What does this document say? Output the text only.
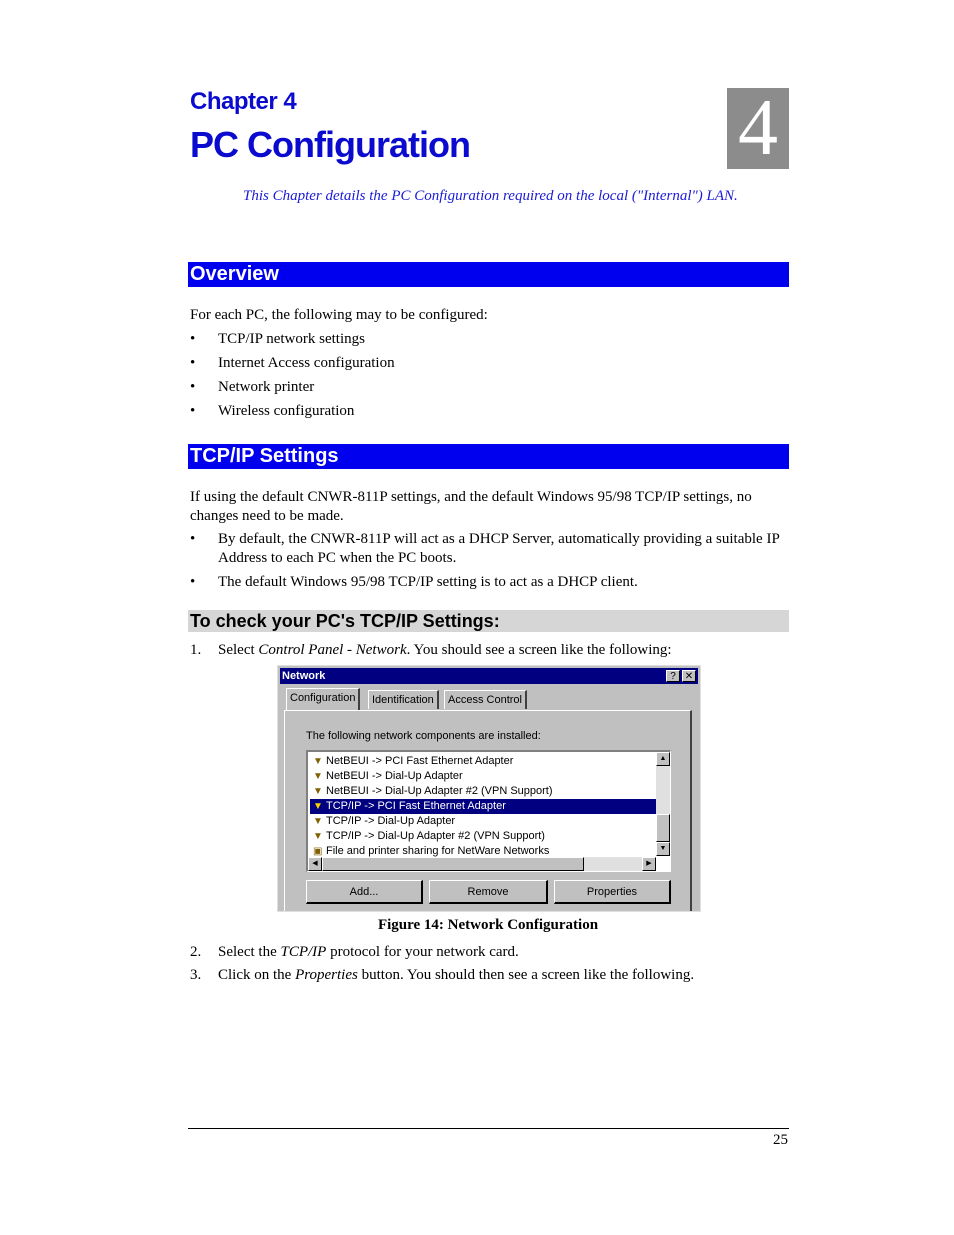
Chapter 4
PC Configuration	4
This Chapter details the PC Configuration required on the local ("Internal") LAN.
Overview
For each PC, the following may to be configured:
• TCP/IP network settings
• Internet Access configuration
• Network printer
• Wireless configuration
TCP/IP Settings
If using the default CNWR-811P settings, and the default Windows 95/98 TCP/IP settings, no changes need to be made.
• By default, the CNWR-811P will act as a DHCP Server, automatically providing a suitable IP Address to each PC when the PC boots.
• The default Windows 95/98 TCP/IP setting is to act as a DHCP client.
To check your PC's TCP/IP Settings:
1. Select Control Panel - Network. You should see a screen like the following:
Network	? ✕
Configuration	Identification	Access Control
The following network components are installed:
▼ NetBEUI -> PCI Fast Ethernet Adapter
▼ NetBEUI -> Dial-Up Adapter
▼ NetBEUI -> Dial-Up Adapter #2 (VPN Support)
▼ TCP/IP -> PCI Fast Ethernet Adapter
▼ TCP/IP -> Dial-Up Adapter
▼ TCP/IP -> Dial-Up Adapter #2 (VPN Support)
▣ File and printer sharing for NetWare Networks
▲
▼
◀	▶
Add...	Remove	Properties
Figure 14: Network Configuration
2. Select the TCP/IP protocol for your network card.
3. Click on the Properties button. You should then see a screen like the following.
25
